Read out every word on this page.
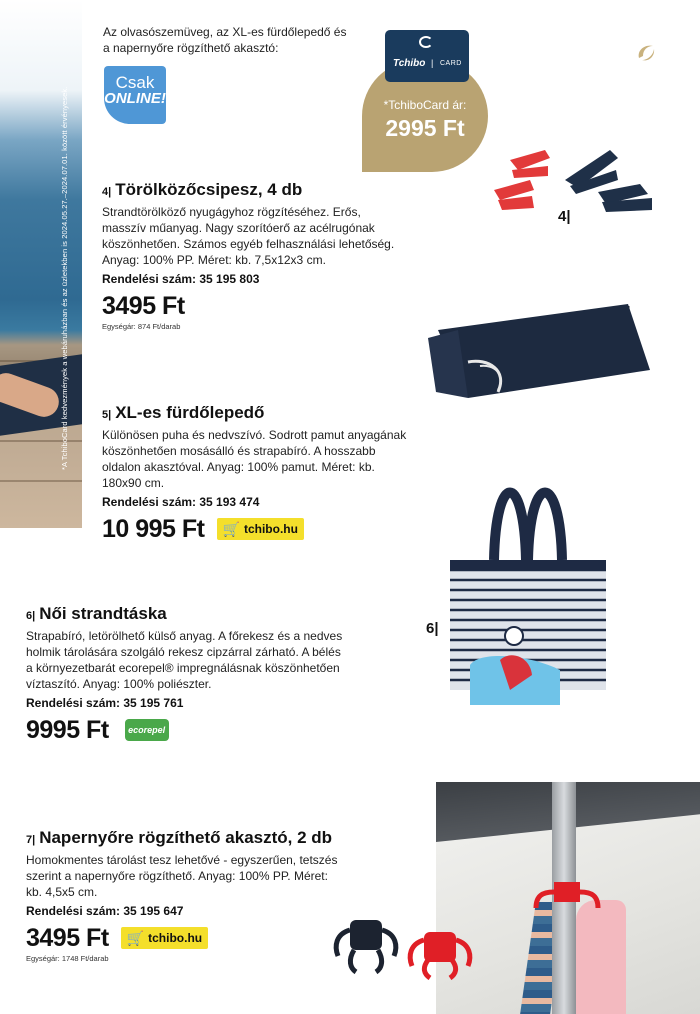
*A TchiboCard kedvezmények a webáruházban és az üzletekben is 2024.05.27.–2024.07.01. között érvényesek.
Az olvasószemüveg, az XL-es fürdőlepedő és a napernyőre rögzíthető akasztó:
Csak
ONLINE!	*TchiboCard ár:
2995 Ft
Tchibo | CARD
4| Törölközőcsipesz, 4 db
Strandtörölköző nyugágyhoz rögzítéséhez. Erős, masszív műanyag. Nagy szorítóerő az acélrugónak köszönhetően. Számos egyéb felhasználási lehetőség. Anyag: 100% PP. Méret: kb. 7,5x12x3 cm.
Rendelési szám: 35 195 803
3495 Ft
Egységár: 874 Ft/darab
5| XL-es fürdőlepedő
Különösen puha és nedvszívó. Sodrott pamut anyagának köszönhetően mosásálló és strapabíró. A hosszabb oldalon akasztóval. Anyag: 100% pamut. Méret: kb. 180x90 cm.
Rendelési szám: 35 193 474
10 995 Ft 🛒 tchibo.hu
6| Női strandtáska
Strapabíró, letörölhető külső anyag. A főrekesz és a nedves holmik tárolására szolgáló rekesz cipzárral zárható. A bélés a környezetbarát ecorepel® impregnálásnak köszönhetően víztaszító. Anyag: 100% poliészter.
Rendelési szám: 35 195 761
9995 Ft	ecorepel
7| Napernyőre rögzíthető akasztó, 2 db
Homokmentes tárolást tesz lehetővé - egyszerűen, tetszés szerint a napernyőre rögzíthető. Anyag: 100% PP. Méret: kb. 4,5x5 cm.
Rendelési szám: 35 195 647
3495 Ft 🛒 tchibo.hu
Egységár: 1748 Ft/darab
4|
6|
